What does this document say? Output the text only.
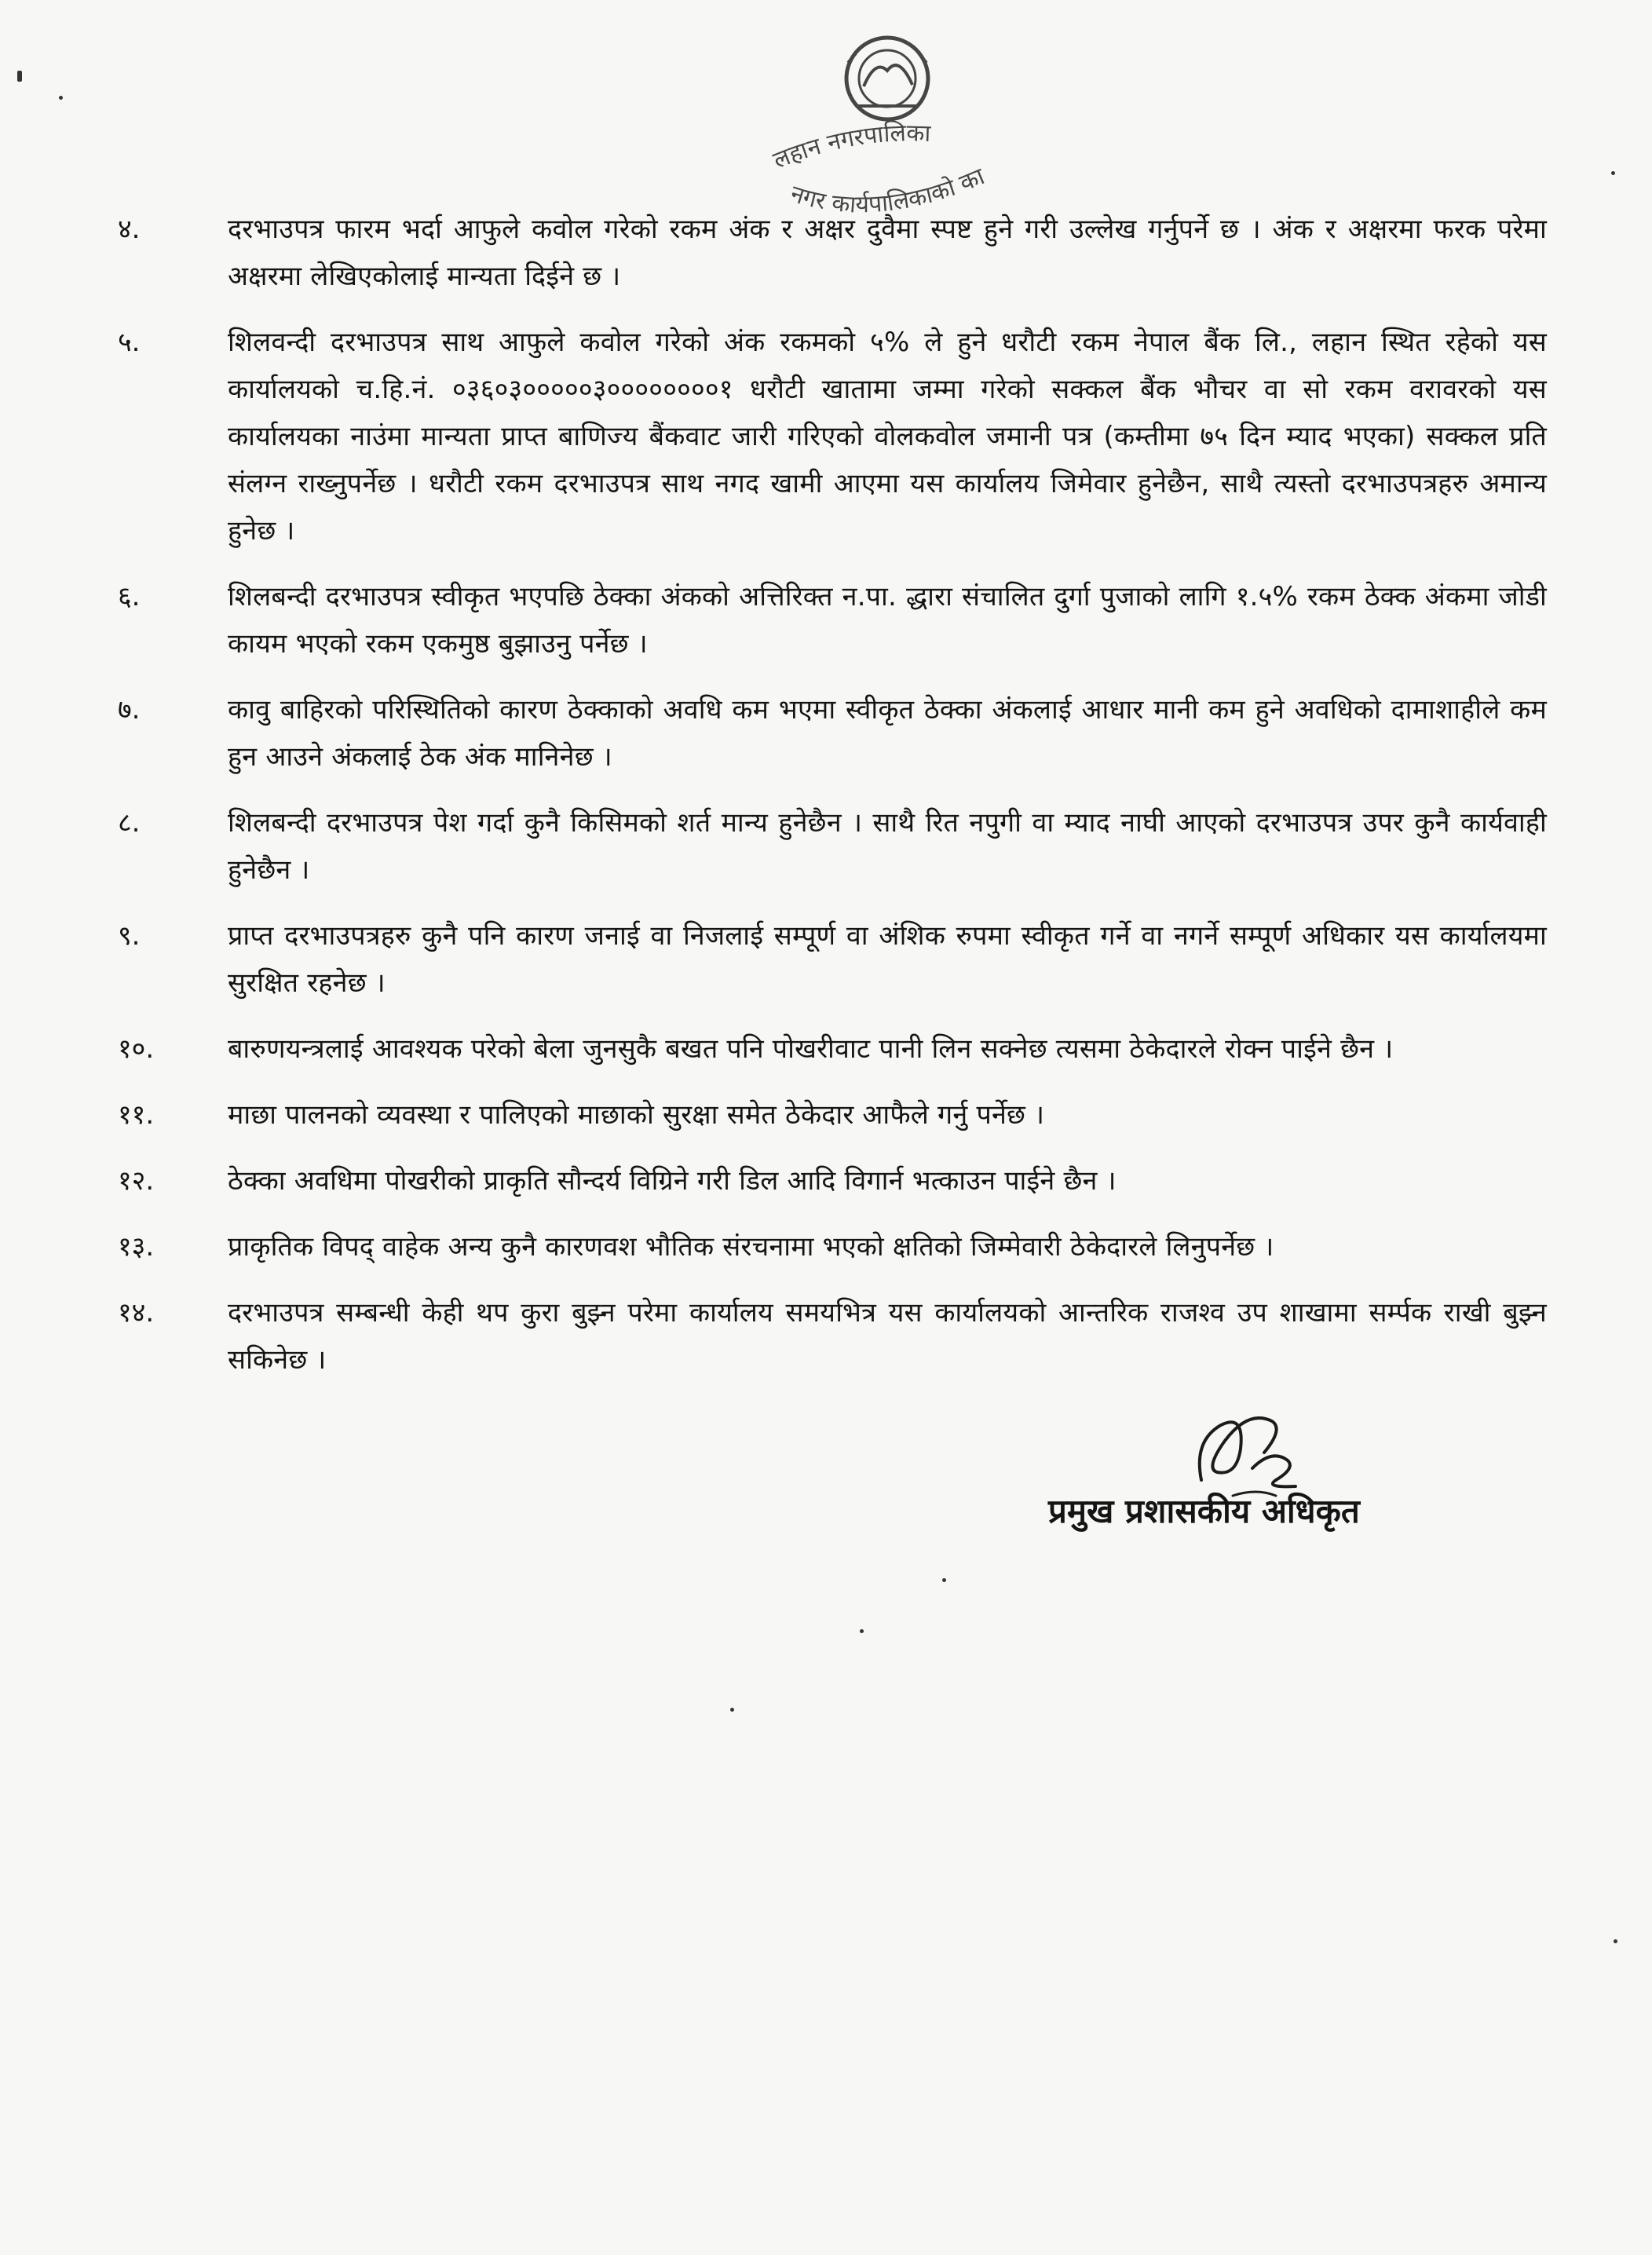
लहान नगरपालिका
नगर कार्यपालिकाको का
४.	दरभाउपत्र फारम भर्दा आफुले कवोल गरेको रकम अंक र अक्षर दुवैमा स्पष्ट हुने गरी उल्लेख गर्नुपर्ने छ । अंक र अक्षरमा फरक परेमा अक्षरमा लेखिएकोलाई मान्यता दिईने छ ।
५.	शिलवन्दी दरभाउपत्र साथ आफुले कवोल गरेको अंक रकमको ५% ले हुने धरौटी रकम नेपाल बैंक लि., लहान स्थित रहेको यस कार्यालयको च.हि.नं. ०३६०३०००००३००००००००१ धरौटी खातामा जम्मा गरेको सक्कल बैंक भौचर वा सो रकम वरावरको यस कार्यालयका नाउंमा मान्यता प्राप्त बाणिज्य बैंकवाट जारी गरिएको वोलकवोल जमानी पत्र (कम्तीमा ७५ दिन म्याद भएका) सक्कल प्रति संलग्न राख्नुपर्नेछ । धरौटी रकम दरभाउपत्र साथ नगद खामी आएमा यस कार्यालय जिमेवार हुनेछैन, साथै त्यस्तो दरभाउपत्रहरु अमान्य हुनेछ ।
६.	शिलबन्दी दरभाउपत्र स्वीकृत भएपछि ठेक्का अंकको अत्तिरिक्त न.पा. द्धारा संचालित दुर्गा पुजाको लागि १.५% रकम ठेक्क अंकमा जोडी कायम भएको रकम एकमुष्ठ बुझाउनु पर्नेछ ।
७.	कावु बाहिरको परिस्थितिको कारण ठेक्काको अवधि कम भएमा स्वीकृत ठेक्का अंकलाई आधार मानी कम हुने अवधिको दामाशाहीले कम हुन आउने अंकलाई ठेक अंक मानिनेछ ।
८.	शिलबन्दी दरभाउपत्र पेश गर्दा कुनै किसिमको शर्त मान्य हुनेछैन । साथै रित नपुगी वा म्याद नाघी आएको दरभाउपत्र उपर कुनै कार्यवाही हुनेछैन ।
९.	प्राप्त दरभाउपत्रहरु कुनै पनि कारण जनाई वा निजलाई सम्पूर्ण वा अंशिक रुपमा स्वीकृत गर्ने वा नगर्ने सम्पूर्ण अधिकार यस कार्यालयमा सुरक्षित रहनेछ ।
१०.	बारुणयन्त्रलाई आवश्यक परेको बेला जुनसुकै बखत पनि पोखरीवाट पानी लिन सक्नेछ त्यसमा ठेकेदारले रोक्न पाईने छैन ।
११.	माछा पालनको व्यवस्था र पालिएको माछाको सुरक्षा समेत ठेकेदार आफैले गर्नु पर्नेछ ।
१२.	ठेक्का अवधिमा पोखरीको प्राकृति सौन्दर्य विग्रिने गरी डिल आदि विगार्न भत्काउन पाईने छैन ।
१३.	प्राकृतिक विपद् वाहेक अन्य कुनै कारणवश भौतिक संरचनामा भएको क्षतिको जिम्मेवारी ठेकेदारले लिनुपर्नेछ ।
१४.	दरभाउपत्र सम्बन्धी केही थप कुरा बुझ्न परेमा कार्यालय समयभित्र यस कार्यालयको आन्तरिक राजश्व उप शाखामा सर्म्पक राखी बुझ्न सकिनेछ ।
प्रमुख प्रशासकीय अधिकृत
